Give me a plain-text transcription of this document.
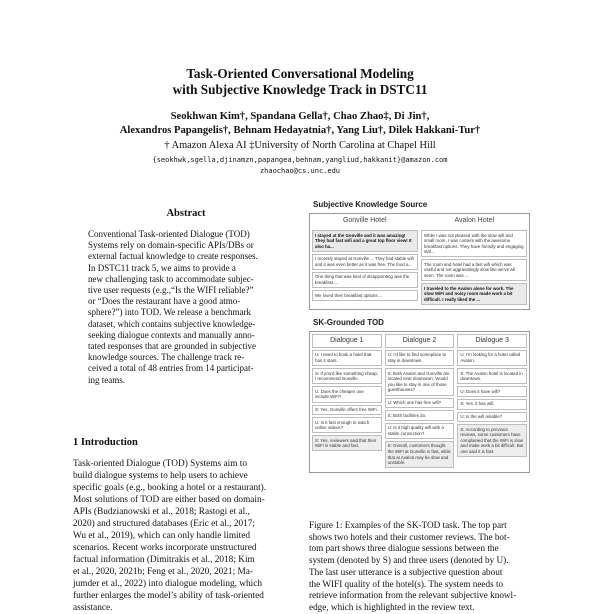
Task-Oriented Conversational Modeling
with Subjective Knowledge Track in DSTC11
Seokhwan Kim†, Spandana Gella†, Chao Zhao‡, Di Jin†,
Alexandros Papangelis†, Behnam Hedayatnia†, Yang Liu†, Dilek Hakkani-Tur†
† Amazon Alexa AI ‡University of North Carolina at Chapel Hill
{seokhwk,sgella,djinamzn,papangea,behnam,yangliud,hakkanit}@amazon.com
zhaochao@cs.unc.edu
Abstract
Conventional Task-oriented Dialogue (TOD)
Systems rely on domain-specific APIs/DBs or
external factual knowledge to create responses.
In DSTC11 track 5, we aims to provide a
new challenging task to accommodate subjec-
tive user requests (e.g.,“Is the WIFI reliable?”
or “Does the restaurant have a good atmo-
sphere?”) into TOD. We release a benchmark
dataset, which contains subjective knowledge-
seeking dialogue contexts and manually anno-
tated responses that are grounded in subjective
knowledge sources. The challenge track re-
ceived a total of 48 entries from 14 participat-
ing teams.
1 Introduction
Task-oriented Dialogue (TOD) Systems aim to
build dialogue systems to help users to achieve
specific goals (e.g., booking a hotel or a restaurant).
Most solutions of TOD are either based on domain-
APIs (Budzianowski et al., 2018; Rastogi et al.,
2020) and structured databases (Eric et al., 2017;
Wu et al., 2019), which can only handle limited
scenarios. Recent works incorporate unstructured
factual information (Dimitrakis et al., 2018; Kim
et al., 2020, 2021b; Feng et al., 2020, 2021; Ma-
jumder et al., 2022) into dialogue modeling, which
further enlarges the model’s ability of task-oriented
assistance.
Subjective Knowledge Source
Gonville Hotel	Avalon Hotel
I stayed at the Gonville and it was amazing! They had fast wifi and a great top floor view! It also ha...
I recently stayed at Gonville ... They had stable wifi and it was even better as it was free. The food a...
One thing that was kind of disappointing was the breakfast ...
We loved their breakfast options ...
While I was not pleased with the slow wifi and small room, I was content with the awesome breakfast options. They have friendly and engaging staf...
The room and hotel had a fast wifi which was useful and not aggravatingly slow like we've all seen. The room was ...
I traveled to the Avalon alone for work. The slow WiFi and noisy room made work a bit difficult. I really liked the ...
SK-Grounded TOD
Dialogue 1	Dialogue 2	Dialogue 3
U: I need to book a hotel that has 4 stars.
S: If you'd like something cheap, I recommend Gonville.
U: Does the cheaper one include WiFi?
S: Yes, Gonville offers free WiFi.
U: Is it fast enough to watch online videos?
S: Yes, reviewers said that their WiFi is stable and fast.
U: I'd like to find someplace to stay in downtown.
S: Both Avalon and Gonville are located near downtown. Would you like to stay in one of those guesthouses?
U: Which one has free wifi?
S: Both facilities do.
U: Is it high quality wifi with a stable connection?
S: Overall, customers thought the WiFi at Gonville is fast, while that at Avalon may be slow and unstable.
U: I'm looking for a hotel called Avalon.
S: The Avalon hotel is located in downtown.
U: Does it have wifi?
S: Yes, it has wifi.
U: Is the wifi reliable?
S: According to previous reviews, some customers have complained that the WiFi is slow and make work a bit difficult. But one said it is fast.
Figure 1: Examples of the SK-TOD task. The top part
shows two hotels and their customer reviews. The bot-
tom part shows three dialogue sessions between the
system (denoted by S) and three users (denoted by U).
The last user utterance is a subjective question about
the WIFI quality of the hotel(s). The system needs to
retrieve information from the relevant subjective knowl-
edge, which is highlighted in the review text.
